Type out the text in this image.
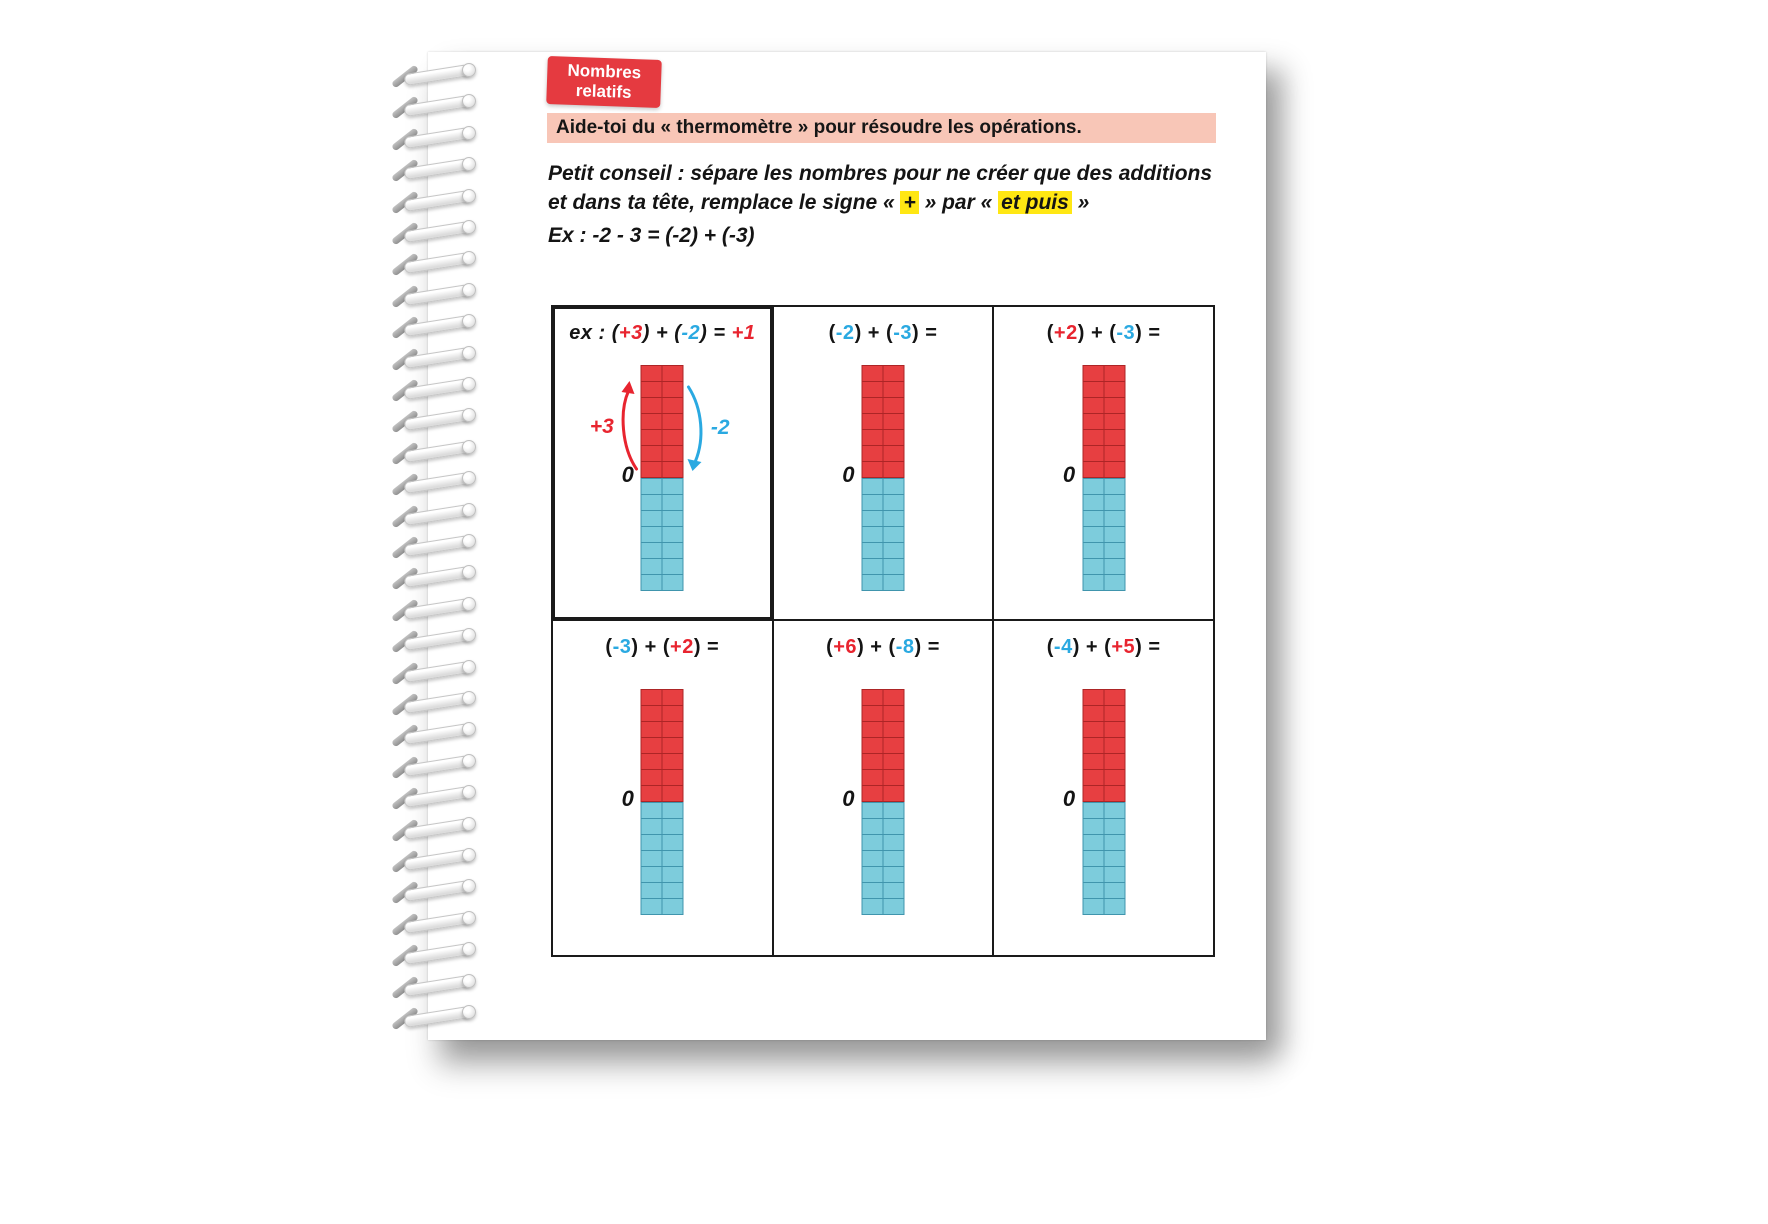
Nombres
relatifs
Aide-toi du « thermomètre » pour résoudre les opérations.
Petit conseil : sépare les nombres pour ne créer que des additions
et dans ta tête, remplace le signe « + » par « et puis »
Ex : -2 - 3 = (-2) + (-3)
ex : (+3) + (-2) = +1
0
+3	-2
(-2) + (-3) =
0
(+2) + (-3) =
0
(-3) + (+2) =
0
(+6) + (-8) =
0
(-4) + (+5) =
0
